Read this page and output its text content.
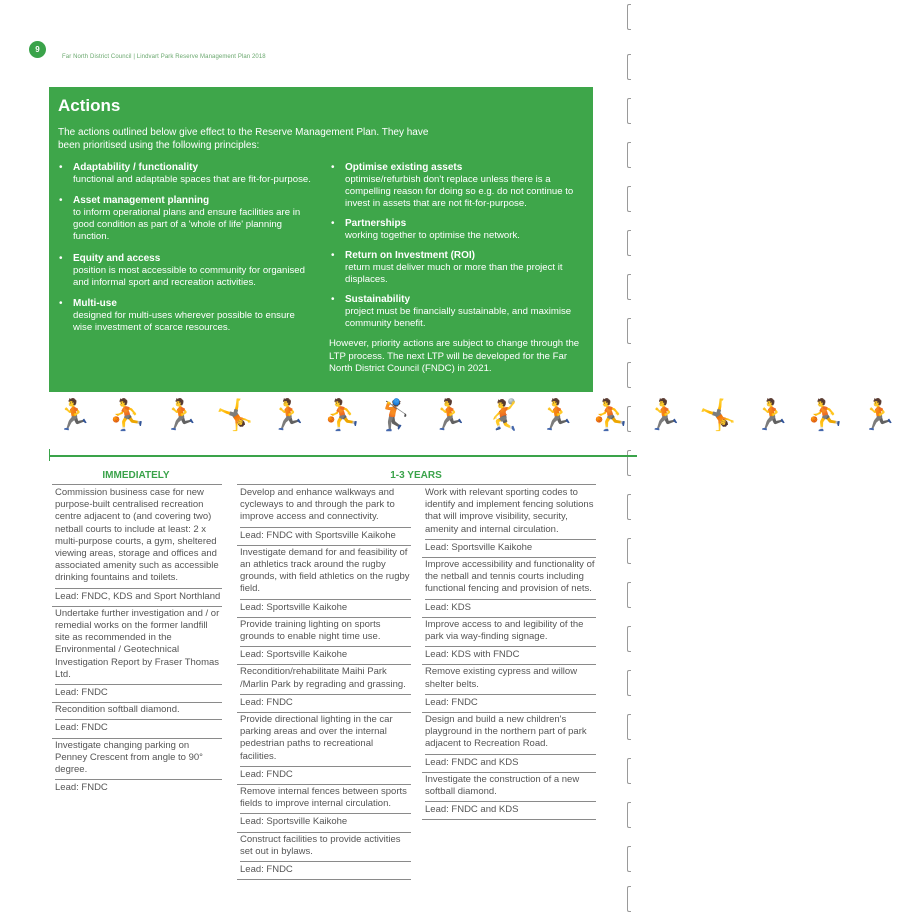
9
Far North District Council | Lindvart Park Reserve Management Plan 2018
Actions
The actions outlined below give effect to the Reserve Management Plan. They have been prioritised using the following principles:
• Adaptability / functionality
functional and adaptable spaces that are fit-for-purpose.
• Asset management planning
to inform operational plans and ensure facilities are in good condition as part of a 'whole of life' planning function.
• Equity and access
position is most accessible to community for organised and informal sport and recreation activities.
• Multi-use
designed for multi-uses wherever possible to ensure wise investment of scarce resources.
• Optimise existing assets
optimise/refurbish don't replace unless there is a compelling reason for doing so e.g. do not continue to invest in assets that are not fit-for-purpose.
• Partnerships
working together to optimise the network.
• Return on Investment (ROI)
return must deliver much or more than the project it displaces.
• Sustainability
project must be financially sustainable, and maximise community benefit.
However, priority actions are subject to change through the LTP process. The next LTP will be developed for the Far North District Council (FNDC) in 2021.
🏃 ⛹ 🏃 🤸 🏃 ⛹ 🏌 🏃 🤾 🏃 ⛹ 🏃 🤸 🏃 ⛹ 🏃
IMMEDIATELY	1-3 YEARS
Commission business case for new purpose-built centralised recreation centre adjacent to (and covering two) netball courts to include at least: 2 x multi-purpose courts, a gym, sheltered viewing areas, storage and offices and associated amenity such as accessible drinking fountains and toilets.
Lead: FNDC, KDS and Sport Northland
Undertake further investigation and / or remedial works on the former landfill site as recommended in the Environmental / Geotechnical Investigation Report by Fraser Thomas Ltd.
Lead: FNDC
Recondition softball diamond.
Lead: FNDC
Investigate changing parking on Penney Crescent from angle to 90° degree.
Lead: FNDC
Develop and enhance walkways and cycleways to and through the park to improve access and connectivity.
Lead: FNDC with Sportsville Kaikohe
Investigate demand for and feasibility of an athletics track around the rugby grounds, with field athletics on the rugby field.
Lead: Sportsville Kaikohe
Provide training lighting on sports grounds to enable night time use.
Lead: Sportsville Kaikohe
Recondition/rehabilitate Maihi Park /Marlin Park by regrading and grassing.
Lead: FNDC
Provide directional lighting in the car parking areas and over the internal pedestrian paths to recreational facilities.
Lead: FNDC
Remove internal fences between sports fields to improve internal circulation.
Lead: Sportsville Kaikohe
Construct facilities to provide activities set out in bylaws.
Lead: FNDC
Work with relevant sporting codes to identify and implement fencing solutions that will improve visibility, security, amenity and internal circulation.
Lead: Sportsville Kaikohe
Improve accessibility and functionality of the netball and tennis courts including functional fencing and provision of nets.
Lead: KDS
Improve access to and legibility of the park via way-finding signage.
Lead: KDS with FNDC
Remove existing cypress and willow shelter belts.
Lead: FNDC
Design and build a new children's playground in the northern part of park adjacent to Recreation Road.
Lead: FNDC and KDS
Investigate the construction of a new softball diamond.
Lead: FNDC and KDS
